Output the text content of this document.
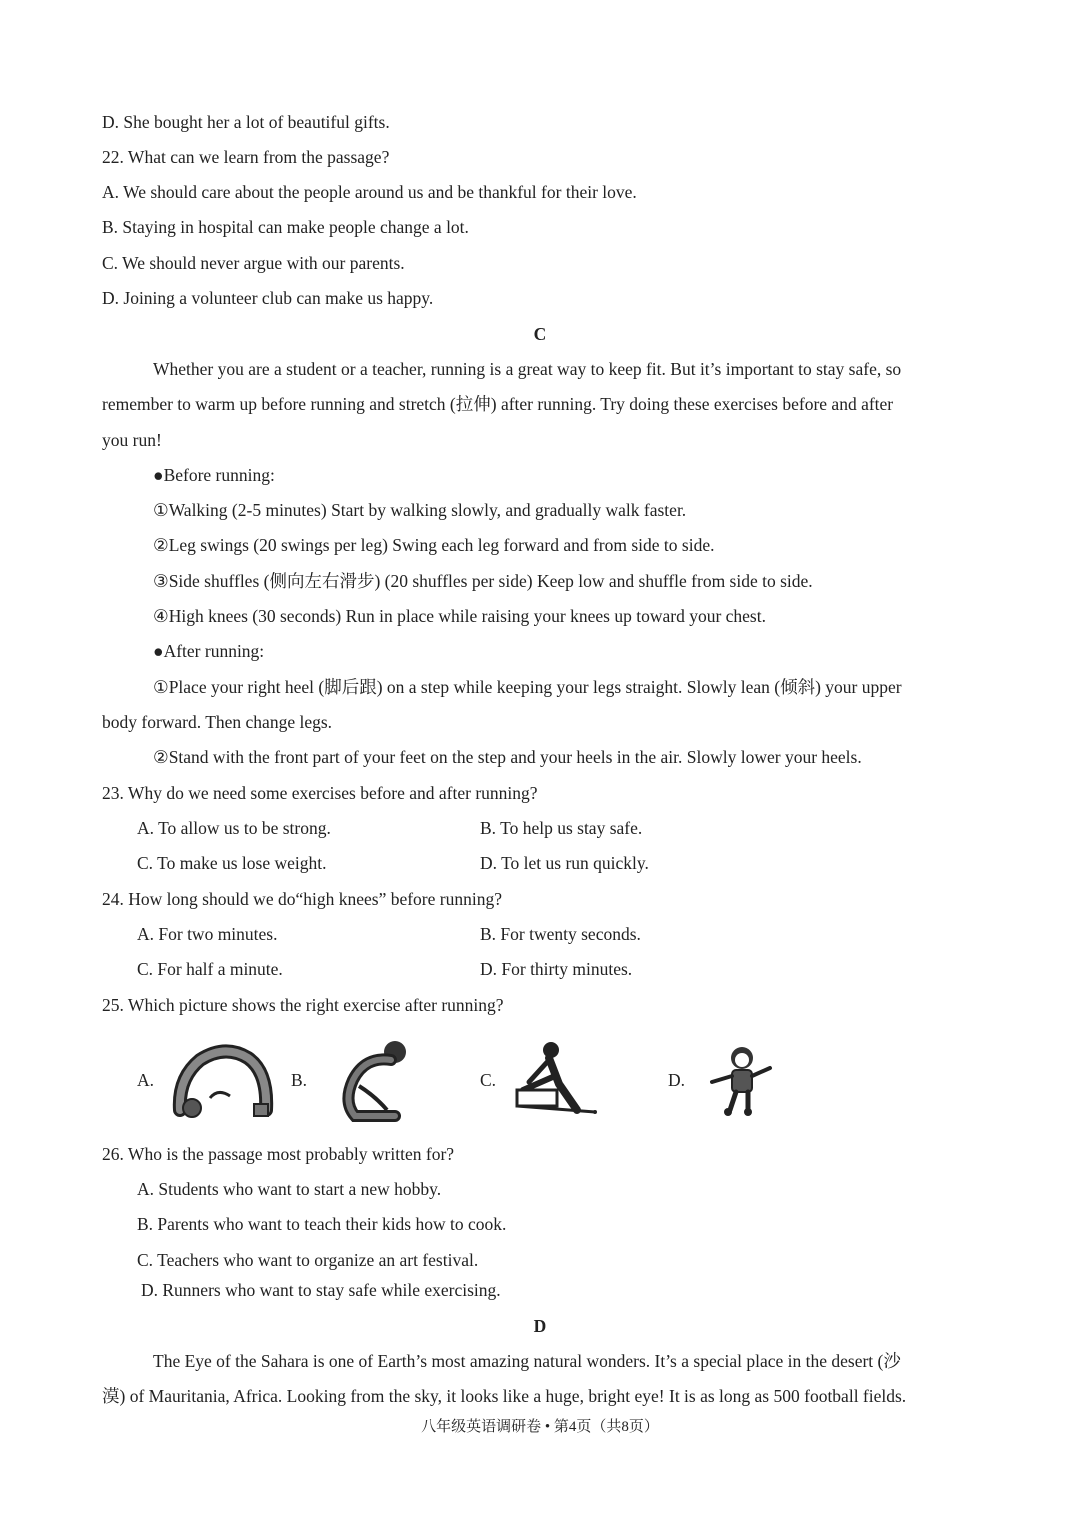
D. She bought her a lot of beautiful gifts.
22. What can we learn from the passage?
A. We should care about the people around us and be thankful for their love.
B. Staying in hospital can make people change a lot.
C. We should never argue with our parents.
D. Joining a volunteer club can make us happy.
C
Whether you are a student or a teacher, running is a great way to keep fit. But it’s important to stay safe, so
remember to warm up before running and stretch (拉伸) after running. Try doing these exercises before and after
you run!
●Before running:
①Walking (2-5 minutes) Start by walking slowly, and gradually walk faster.
②Leg swings (20 swings per leg) Swing each leg forward and from side to side.
③Side shuffles (侧向左右滑步) (20 shuffles per side) Keep low and shuffle from side to side.
④High knees (30 seconds) Run in place while raising your knees up toward your chest.
●After running:
①Place your right heel (脚后跟) on a step while keeping your legs straight. Slowly lean (倾斜) your upper
body forward. Then change legs.
②Stand with the front part of your feet on the step and your heels in the air. Slowly lower your heels.
23. Why do we need some exercises before and after running?
A. To allow us to be strong.	B. To help us stay safe.
C. To make us lose weight.	D. To let us run quickly.
24. How long should we do“high knees” before running?
A. For two minutes.	B. For twenty seconds.
C. For half a minute.	D. For thirty minutes.
25. Which picture shows the right exercise after running?
A.	B.	C.	D.
26. Who is the passage most probably written for?
A. Students who want to start a new hobby.
B. Parents who want to teach their kids how to cook.
C. Teachers who want to organize an art festival.
D. Runners who want to stay safe while exercising.
D
The Eye of the Sahara is one of Earth’s most amazing natural wonders. It’s a special place in the desert (沙
漠) of Mauritania, Africa. Looking from the sky, it looks like a huge, bright eye! It is as long as 500 football fields.
八年级英语调研卷 • 第4页（共8页）
